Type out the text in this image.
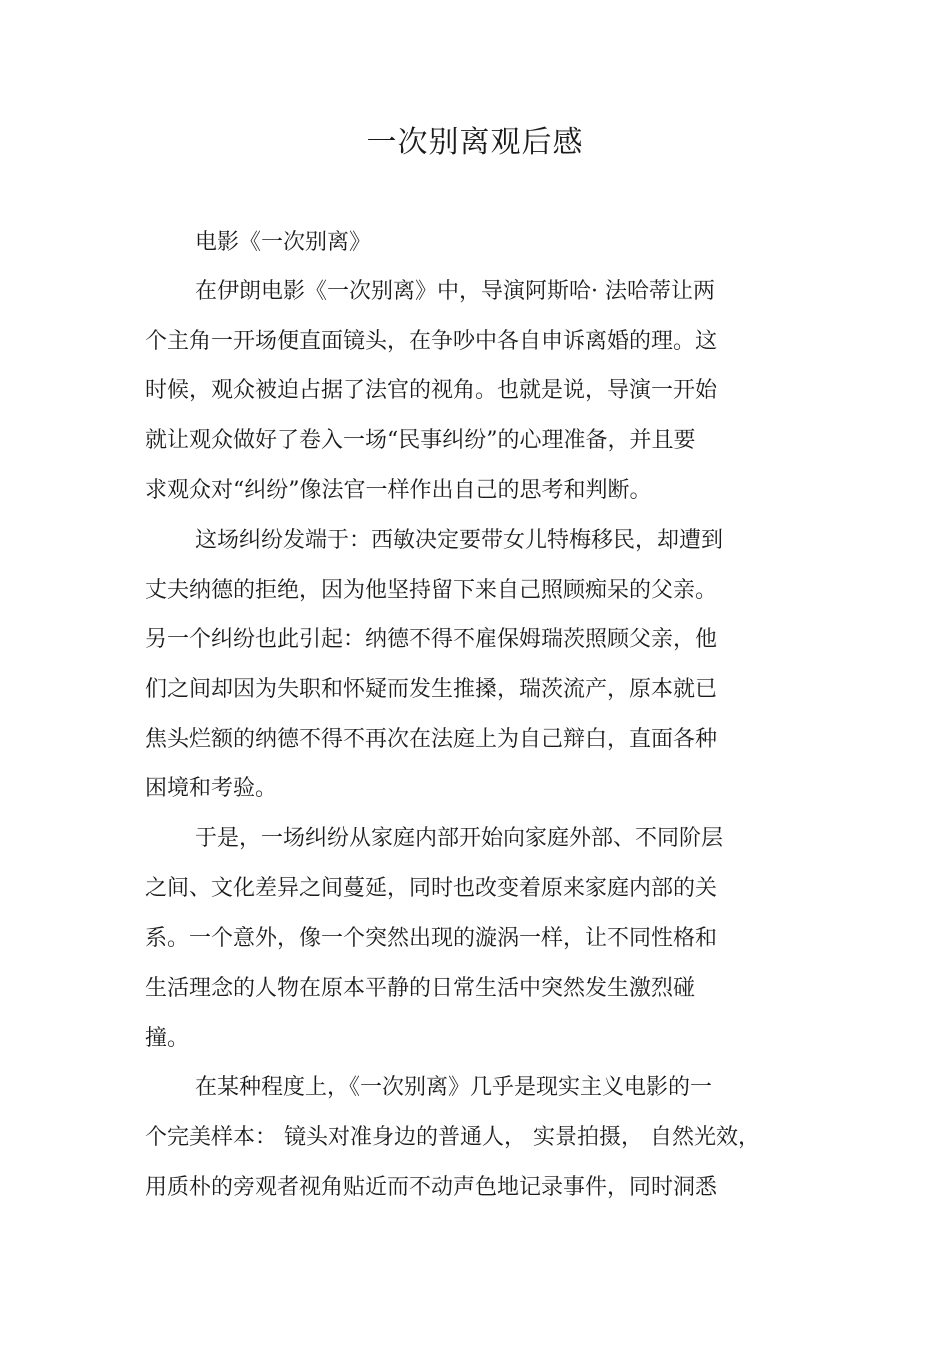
一次别离观后感

电影《一次别离》

在伊朗电影《一次别离》中，导演阿斯哈· 法哈蒂让两

个主角一开场便直面镜头，在争吵中各自申诉离婚的理。这

时候，观众被迫占据了法官的视角。也就是说，导演一开始

就让观众做好了卷入一场“民事纠纷”的心理准备，并且要

求观众对“纠纷”像法官一样作出自己的思考和判断。

这场纠纷发端于：西敏决定要带女儿特梅移民，却遭到

丈夫纳德的拒绝，因为他坚持留下来自己照顾痴呆的父亲。

另一个纠纷也此引起：纳德不得不雇保姆瑞茨照顾父亲，他

们之间却因为失职和怀疑而发生推搡，瑞茨流产，原本就已

焦头烂额的纳德不得不再次在法庭上为自己辩白，直面各种

困境和考验。

于是，一场纠纷从家庭内部开始向家庭外部、不同阶层

之间、文化差异之间蔓延，同时也改变着原来家庭内部的关

系。一个意外，像一个突然出现的漩涡一样，让不同性格和

生活理念的人物在原本平静的日常生活中突然发生激烈碰

撞。

在某种程度上，《一次别离》几乎是现实主义电影的一

个完美样本： 镜头对准身边的普通人， 实景拍摄， 自然光效，

用质朴的旁观者视角贴近而不动声色地记录事件，同时洞悉
